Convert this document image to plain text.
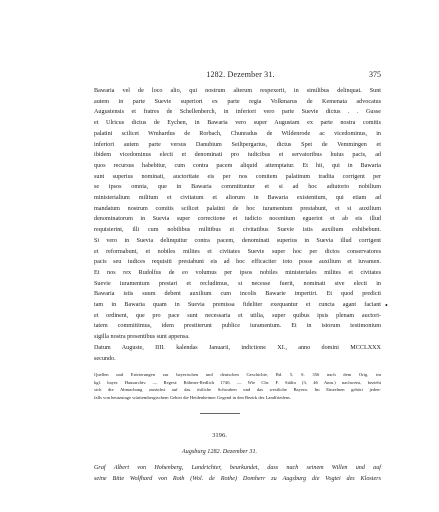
1282. Dezember 31.	375
Bawaria vel de loco alio, qui nostrum alterum respexerit, in similibus delinquat. Sunt
autem in parte Suevie superiori ex parte regia Volkmarus de Kemenata advocatus
Augustensis et fratres de Schellenberch, in inferiori vero parte Suevie dictus . . Gusse
et Ulricus dictus de Eychen, in Bawaria vero super Augustam ex parte nostra comitis
palatini scilicet Wmhardus de Rorbach, Chunradus de Wildenrode ac vicedominus, in
inferiori autem parte versus Danubium Seiltpergarius, dictus Spet de Vemmingen et
ibidem vicedominus electi et denominati pro iudicibus et servatoribus huius pacis, ad
quos recursus habebitur, cum contra pacem aliquid attemptatur. Et hii, qui in Bawaria
sunt superius nominati, auctoritate eis per nos comitem palatinum tradita corrigent per
se ipsos omnia, que in Bawaria committuntur et si ad hoc adiutorio nobilium
ministerialium militum et civitatum et aliorum in Bawaria existentium, qui etiam ad
mandatum nostrum comitis scilicet palatini de hoc iuramentum prestabunt, et si auxilium
denominatorum in Suevia super correctione et iudicio nocentium egueriot et ab eis illud
requisierint, illi cum nobilibus militibus et civitatibus Suevie istis auxilium exhibebunt.
Si vero in Suevia delinquitur contra pacem, denominati superius in Suevia illud corrigent
et reformabunt, et nobiles milites et civitates Suevie super hoc per dictos conservatores
pacis seu iudices requisiti prestabunt eis ad hoc efficaciter toto posse auxilium et iuvamen.
Et nos rex Rudolfus de eo volumus per ipsos nobiles ministeriales milites et civitates
Suevie iuramentum prestari et recludimus, si necesse fuerit, nominati sive electi in
Bawaria istis suum debent auxilium cum incolis Bawarie impertiri. Et quod predicti
tam in Bawaria quam in Suevia premissa fideliter exequantur et cuncta agant faciant
et ordinent, que pro pace sunt necessaria et utilia, super quibus ipsis plenam auctori-
tatem committimus, idem prestiterunt publice iuramentum. Et in istorum testimonium
sigilla nostra presentibus sunt appensa.
Datum Auguste, IIII. kalendas Januarii, indictione XI., anno domini MCCLXXX
secundo.
•
Quellen und Erörterungen zur bayerischen und deutschen Geschichte, Bd. 5, S. 356 nach dem Orig. im
kgl. bayer. Hausarchiv. — Regest: Böhmer-Redlich 1746. — Wie Chr. F. Stälin (3, 46 Anm.) nachweist, bezieht
sich die Abmachung zunächst auf das östliche Schwaben und das westliche Bayern. Im Einzelnen gehört jeden-
falls von heutzutage württembergischem Gebiet die Heidenheimer Gegend in den Bezirk des Landfriedens.
3196.
Augsburg 1282. Dezember 31.
Graf Albert von Hohenberg, Landrichter, beurkundet, dass nach seinem Willen und auf
seine Bitte Wolfhard von Roth (Wol. de Rothe) Domherr zu Augsburg die Vogtei des Klosters
